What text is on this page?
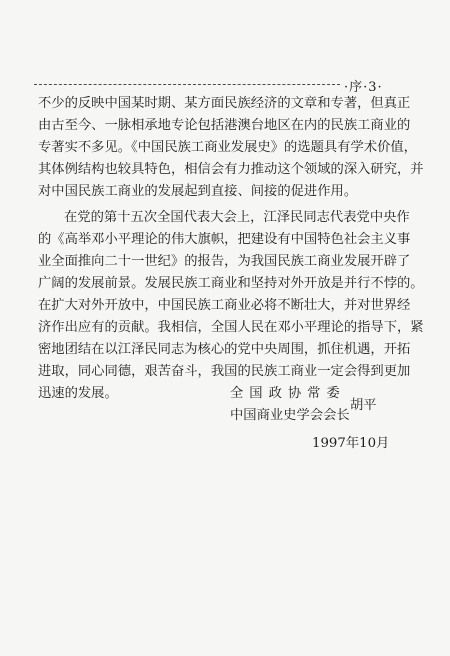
·序·3·
不少的反映中国某时期、某方面民族经济的文章和专著，但真正
由古至今、一脉相承地专论包括港澳台地区在内的民族工商业的
专著实不多见。《中国民族工商业发展史》的选题具有学术价值，
其体例结构也较具特色，相信会有力推动这个领域的深入研究，并
对中国民族工商业的发展起到直接、间接的促进作用。
在党的第十五次全国代表大会上，江泽民同志代表党中央作
的《高举邓小平理论的伟大旗帜，把建设有中国特色社会主义事
业全面推向二十一世纪》的报告，为我国民族工商业发展开辟了
广阔的发展前景。发展民族工商业和坚持对外开放是并行不悖的。
在扩大对外开放中，中国民族工商业必将不断壮大，并对世界经
济作出应有的贡献。我相信，全国人民在邓小平理论的指导下，紧
密地团结在以江泽民同志为核心的党中央周围，抓住机遇，开拓
进取，同心同德，艰苦奋斗，我国的民族工商业一定会得到更加
迅速的发展。	全国政协常委
中国商业史学会会长
胡平
1997年10月
